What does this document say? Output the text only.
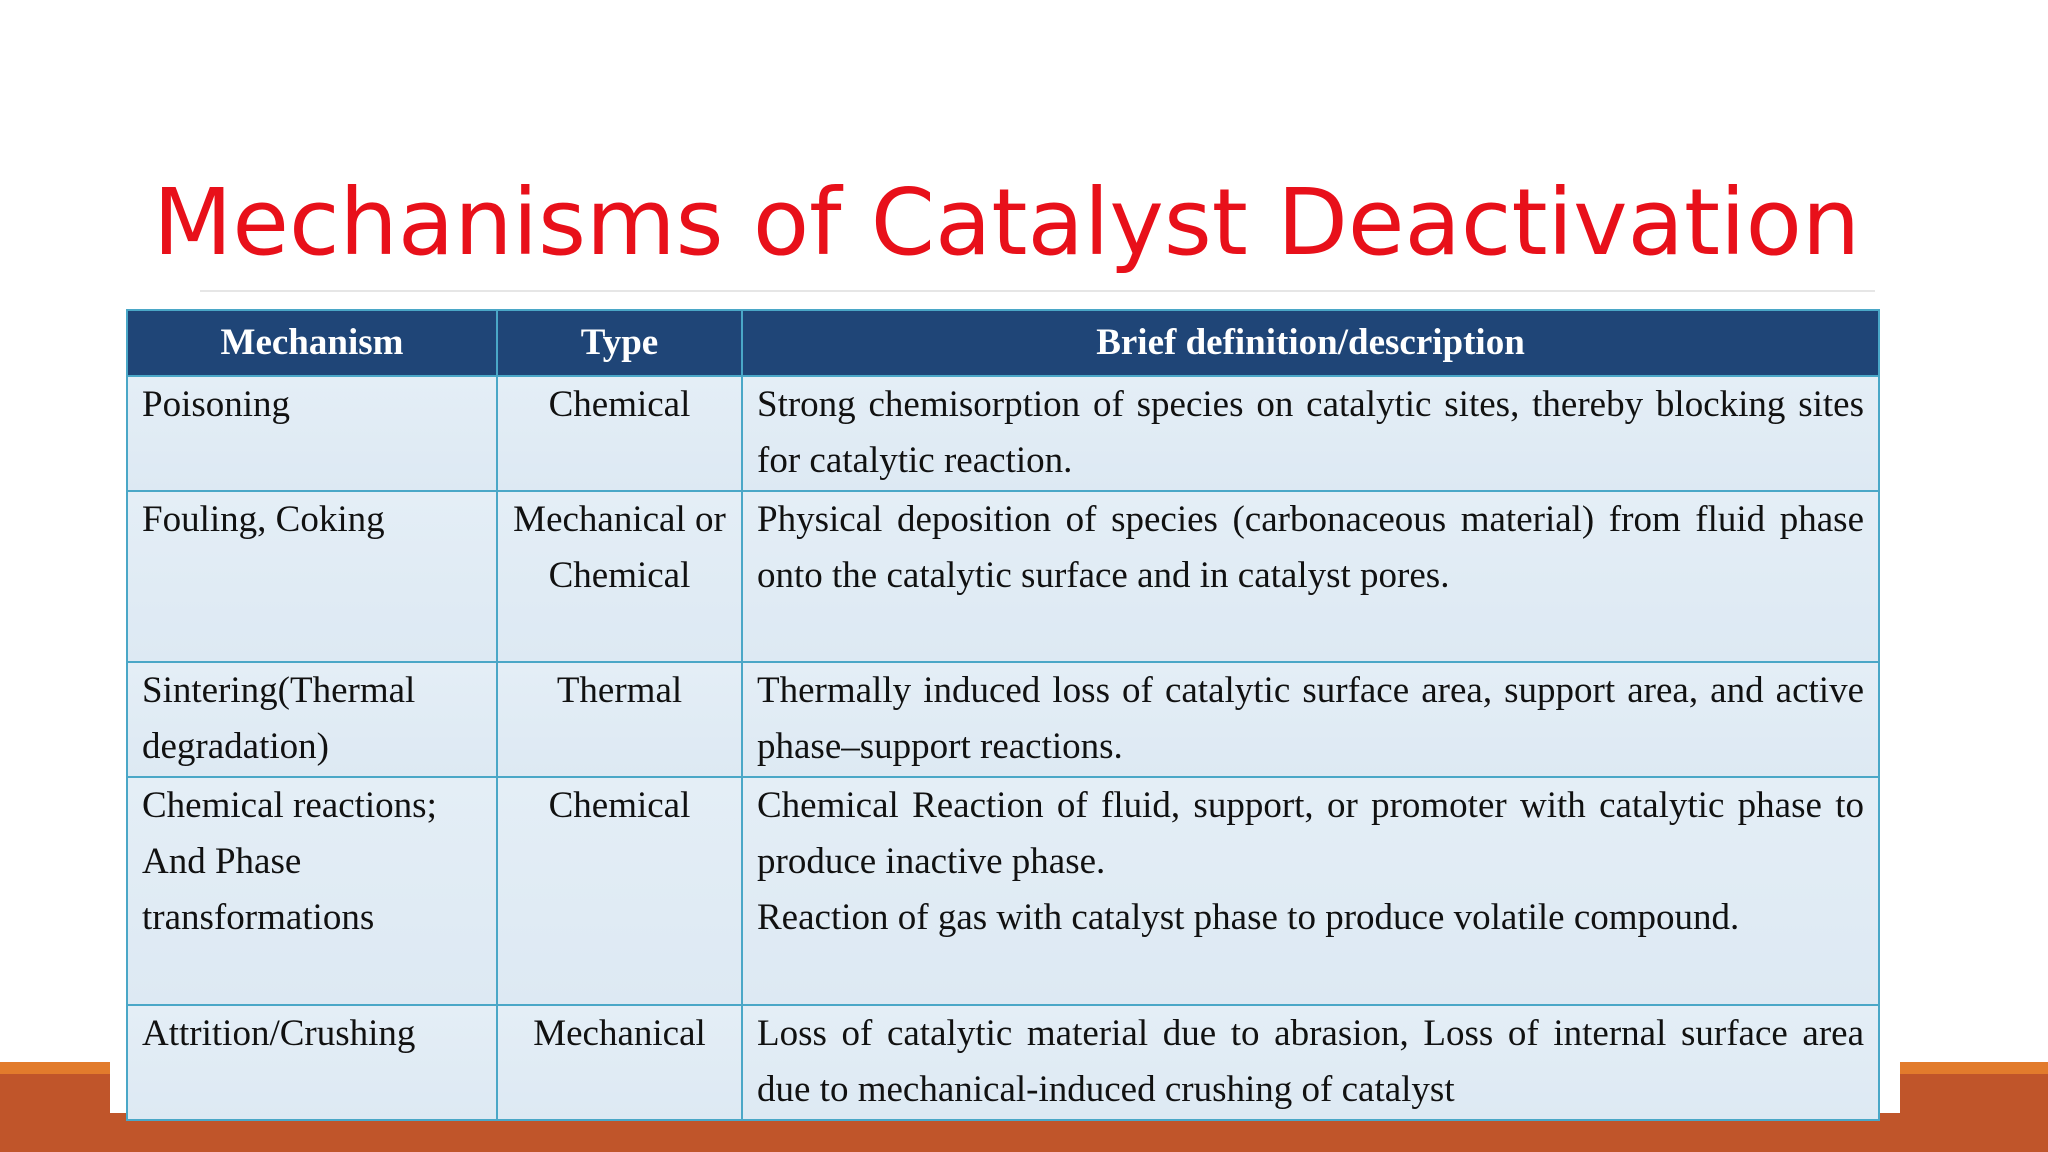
Mechanisms of Catalyst Deactivation
Mechanism	Type	Brief definition/description
Poisoning	Chemical	Strong chemisorption of species on catalytic sites, thereby blocking sites for catalytic reaction.
Fouling, Coking	Mechanical or Chemical	Physical deposition of species (carbonaceous material) from fluid phase onto the catalytic surface and in catalyst pores.
Sintering(Thermal degradation)	Thermal	Thermally induced loss of catalytic surface area, support area, and active phase–support reactions.
Chemical reactions; And Phase transformations	Chemical	Chemical Reaction of fluid, support, or promoter with catalytic phase to produce inactive phase.
Reaction of gas with catalyst phase to produce volatile compound.

Attrition/Crushing	Mechanical	Loss of catalytic material due to abrasion, Loss of internal surface area due to mechanical-induced crushing of catalyst
